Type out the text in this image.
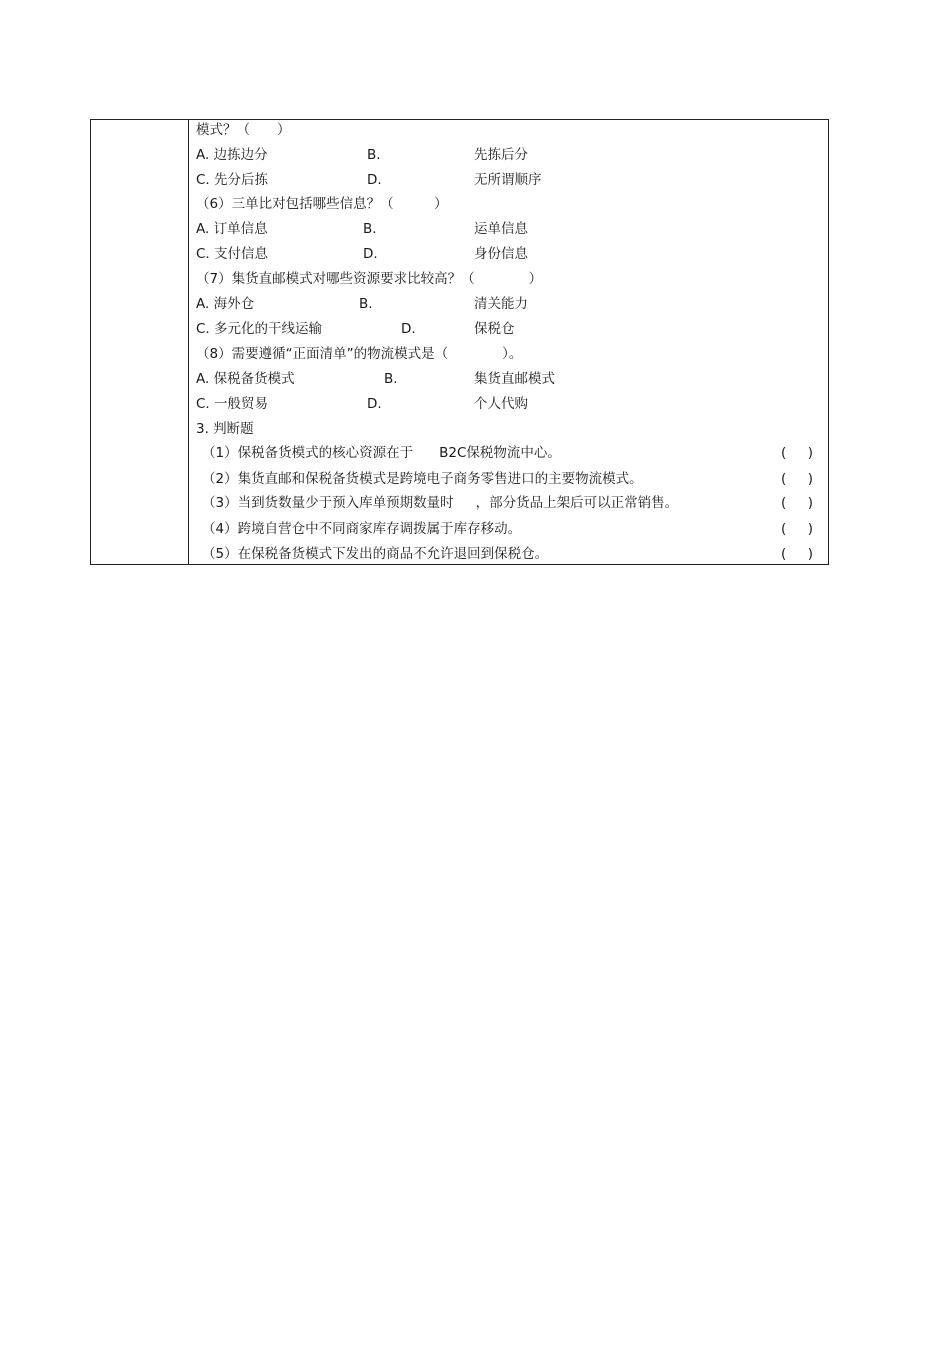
模式？（　　）
A. 边拣边分	B.	先拣后分
C. 先分后拣	D.	无所谓顺序
（6）三单比对包括哪些信息？（　　　）
A. 订单信息	B.	运单信息
C. 支付信息	D.	身份信息
（7）集货直邮模式对哪些资源要求比较高？（　　　　）
A. 海外仓	B.	清关能力
C. 多元化的干线运输	D.	保税仓
（8）需要遵循“正面清单”的物流模式是（　　　　）。
A. 保税备货模式	B.	集货直邮模式
C. 一般贸易	D.	个人代购
3. 判断题
（1）保税备货模式的核心资源在于 B2C保税物流中心。	(     )
（2）集货直邮和保税备货模式是跨境电子商务零售进口的主要物流模式。	(     )
（3）当到货数量少于预入库单预期数量时 ，部分货品上架后可以正常销售。	(     )
（4）跨境自营仓中不同商家库存调拨属于库存移动。	(     )
（5）在保税备货模式下发出的商品不允许退回到保税仓。	(     )
